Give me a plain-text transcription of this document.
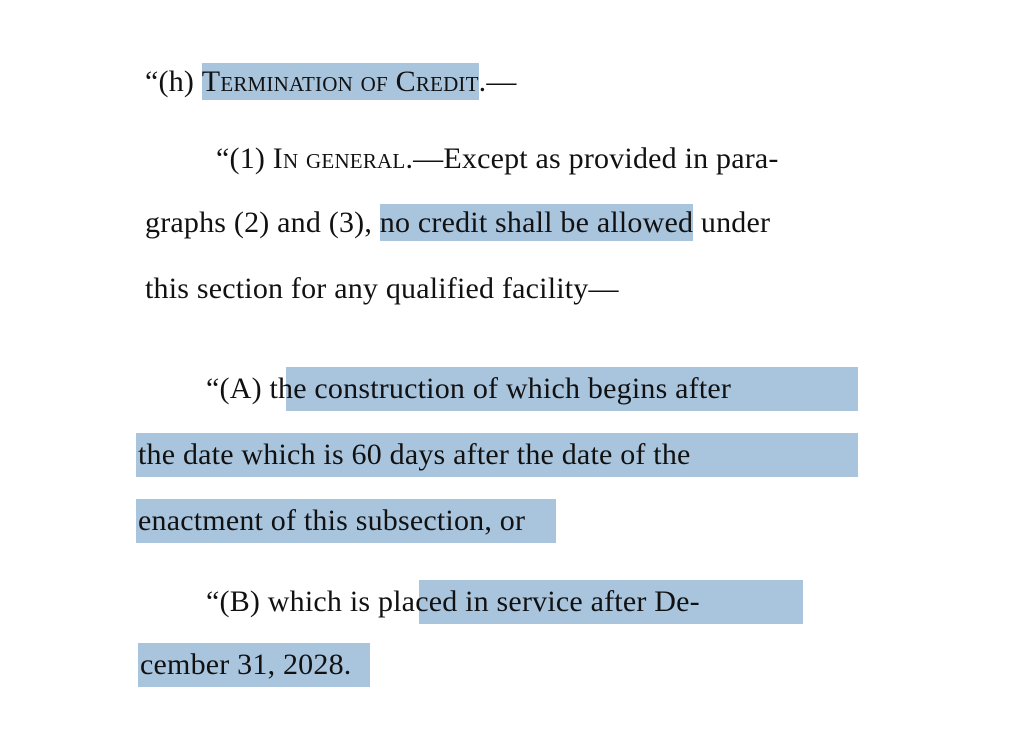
“(h) Termination of Credit.—
“(1) In general.—Except as provided in para-
graphs (2) and (3), no credit shall be allowed under
this section for any qualified facility—
“(A) the construction of which begins after
the date which is 60 days after the date of the
enactment of this subsection, or
“(B) which is placed in service after De-
cember 31, 2028.
